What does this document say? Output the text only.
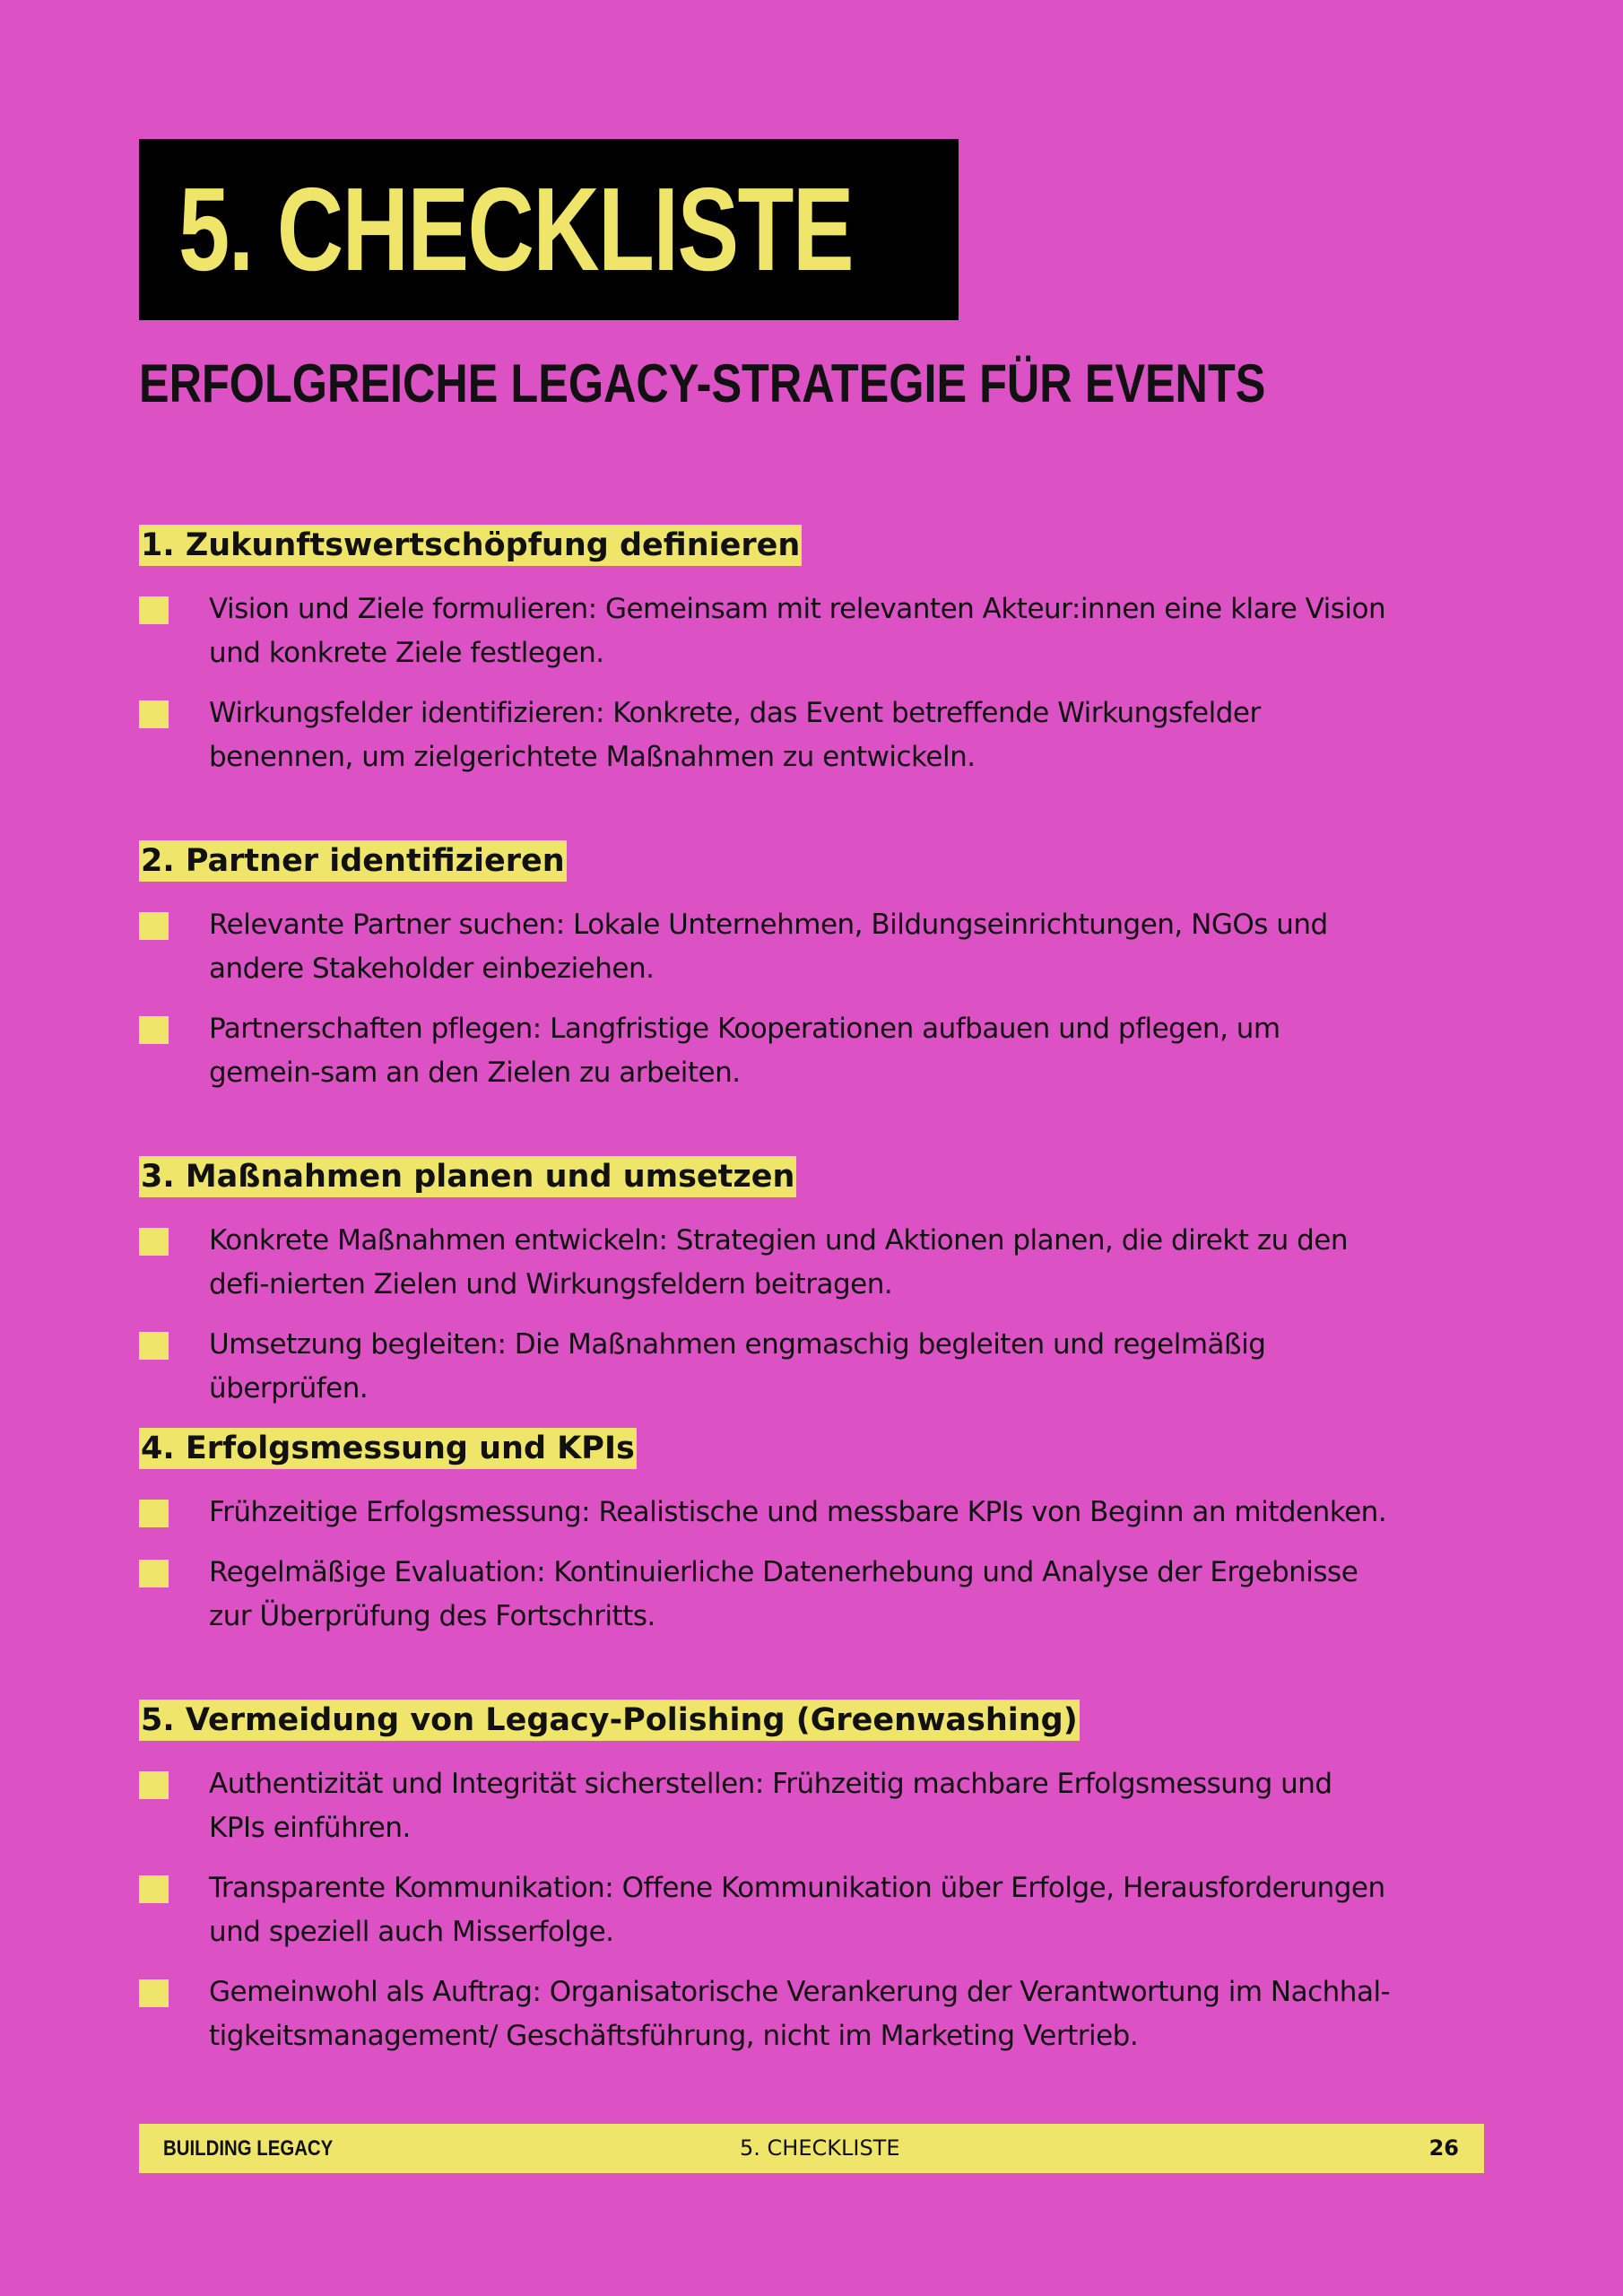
5. CHECKLISTE
ERFOLGREICHE LEGACY-STRATEGIE FÜR EVENTS
1. Zukunftswertschöpfung definieren
Vision und Ziele formulieren: Gemeinsam mit relevanten Akteur:innen eine klare Vision und konkrete Ziele festlegen.
Wirkungsfelder identifizieren: Konkrete, das Event betreffende Wirkungsfelder benennen, um zielgerichtete Maßnahmen zu entwickeln.
2. Partner identifizieren
Relevante Partner suchen: Lokale Unternehmen, Bildungseinrichtungen, NGOs und andere Stakeholder einbeziehen.
Partnerschaften pflegen: Langfristige Kooperationen aufbauen und pflegen, um gemein-sam an den Zielen zu arbeiten.
3. Maßnahmen planen und umsetzen
Konkrete Maßnahmen entwickeln: Strategien und Aktionen planen, die direkt zu den defi-nierten Zielen und Wirkungsfeldern beitragen.
Umsetzung begleiten: Die Maßnahmen engmaschig begleiten und regelmäßig überprüfen.
4. Erfolgsmessung und KPIs
Frühzeitige Erfolgsmessung: Realistische und messbare KPIs von Beginn an mitdenken.
Regelmäßige Evaluation: Kontinuierliche Datenerhebung und Analyse der Ergebnisse zur Überprüfung des Fortschritts.
5. Vermeidung von Legacy-Polishing (Greenwashing)
Authentizität und Integrität sicherstellen: Frühzeitig machbare Erfolgsmessung und KPIs einführen.
Transparente Kommunikation: Offene Kommunikation über Erfolge, Herausforderungen und speziell auch Misserfolge.
Gemeinwohl als Auftrag: Organisatorische Verankerung der Verantwortung im Nachhal-tigkeitsmanagement/ Geschäftsführung, nicht im Marketing Vertrieb.
BUILDING LEGACY	5. CHECKLISTE	26
